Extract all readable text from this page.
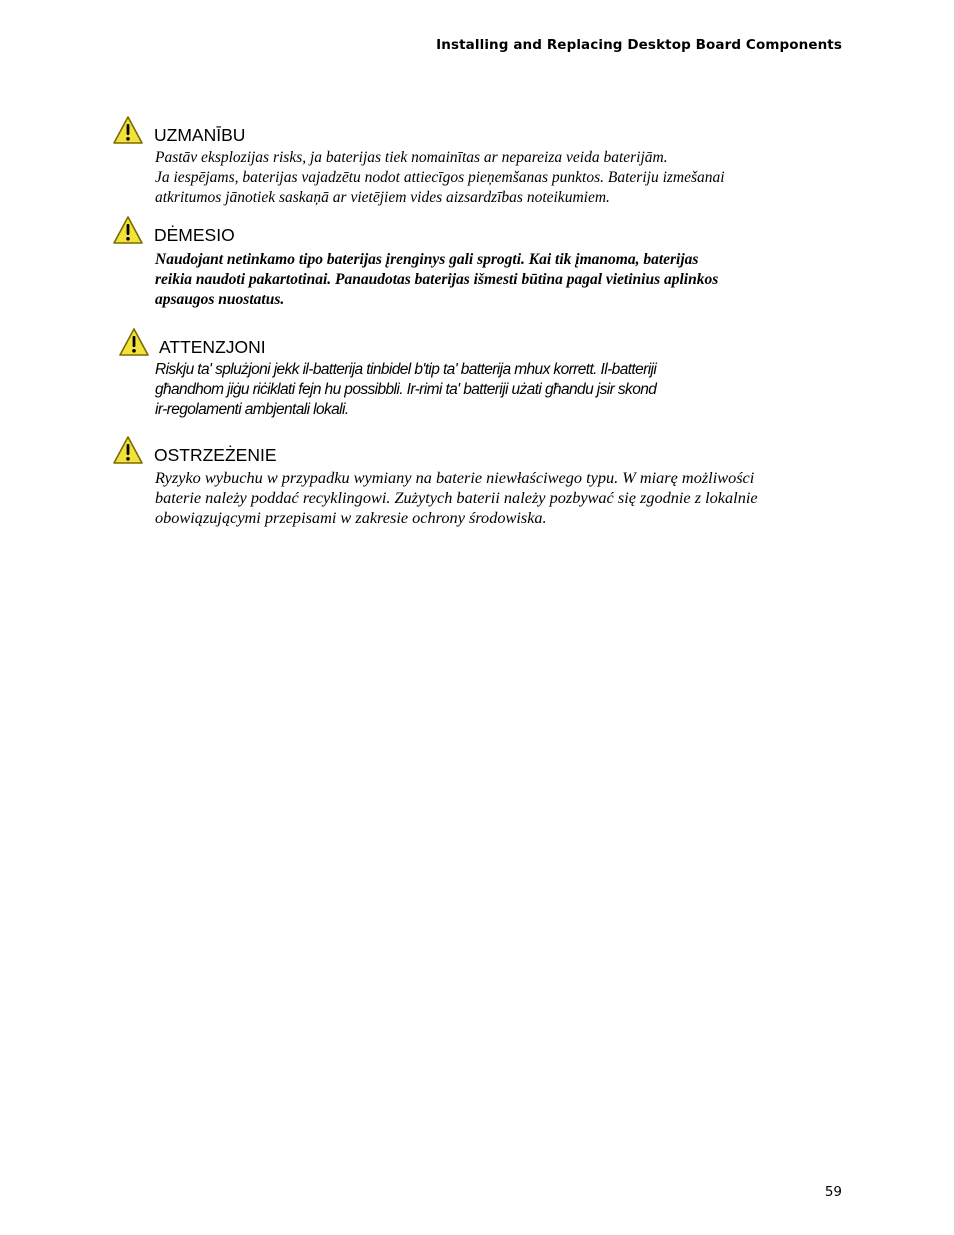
Installing and Replacing Desktop Board Components
UZMANĪBU
Pastāv eksplozijas risks, ja baterijas tiek nomainītas ar nepareiza veida baterijām.
Ja iespējams, baterijas vajadzētu nodot attiecīgos pieņemšanas punktos. Bateriju izmešanai
atkritumos jānotiek saskaņā ar vietējiem vides aizsardzības noteikumiem.
DĖMESIO
Naudojant netinkamo tipo baterijas įrenginys gali sprogti. Kai tik įmanoma, baterijas
reikia naudoti pakartotinai. Panaudotas baterijas išmesti būtina pagal vietinius aplinkos
apsaugos nuostatus.
ATTENZJONI
Riskju ta' splużjoni jekk il-batterija tinbidel b'tip ta' batterija mhux korrett. Il-batteriji
għandhom jiġu riċiklati fejn hu possibbli. Ir-rimi ta' batteriji użati għandu jsir skond
ir-regolamenti ambjentali lokali.
OSTRZEŻENIE
Ryzyko wybuchu w przypadku wymiany na baterie niewłaściwego typu. W miarę możliwości
baterie należy poddać recyklingowi. Zużytych baterii należy pozbywać się zgodnie z lokalnie
obowiązującymi przepisami w zakresie ochrony środowiska.
59
